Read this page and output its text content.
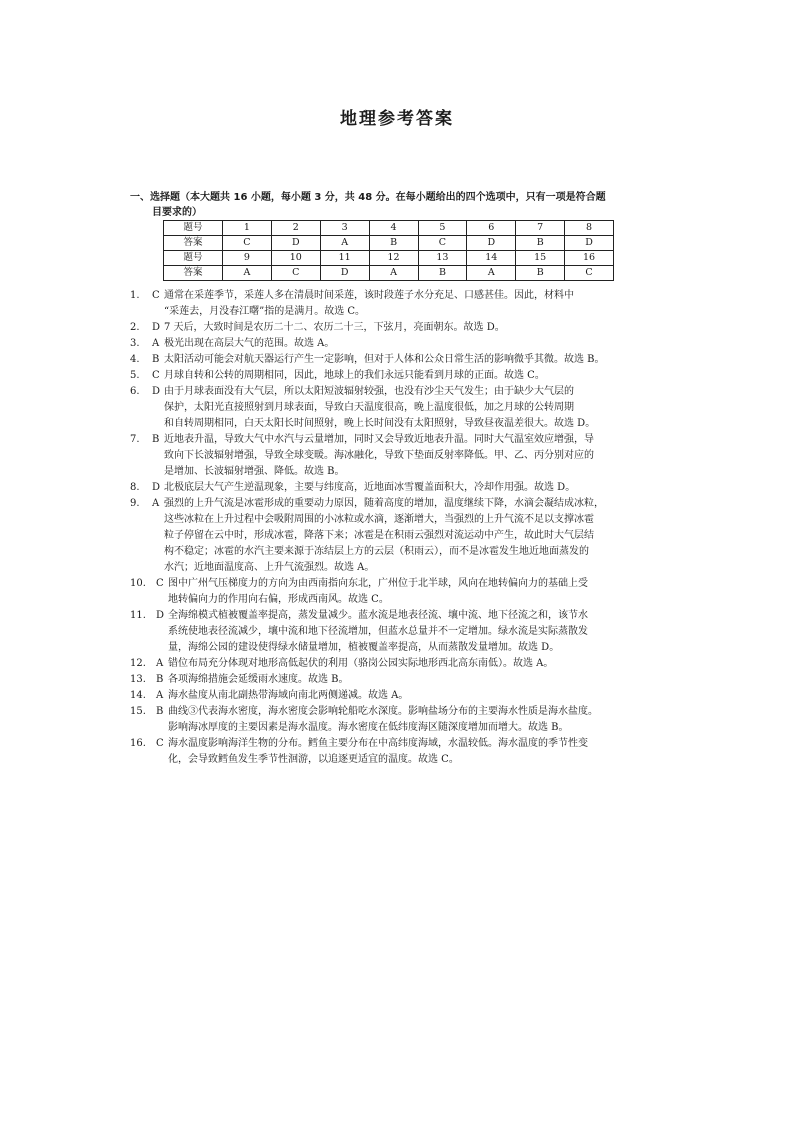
地理参考答案
一、选择题（本大题共 16 小题，每小题 3 分，共 48 分。在每小题给出的四个选项中，只有一项是符合题
目要求的）
题号	1	2	3	4	5	6	7	8
答案	C	D	A	B	C	D	B	D
题号	9	10	11	12	13	14	15	16
答案	A	C	D	A	B	A	B	C
1.	C 通常在采莲季节，采莲人多在清晨时间采莲，该时段莲子水分充足、口感甚佳。因此，材料中
“采莲去，月没春江曙”指的是满月。故选 C。
2.	D 7 天后，大致时间是农历二十二、农历二十三，下弦月，亮面朝东。故选 D。
3.	A 极光出现在高层大气的范围。故选 A。
4.	B 太阳活动可能会对航天器运行产生一定影响，但对于人体和公众日常生活的影响微乎其微。故选 B。
5.	C 月球自转和公转的周期相同，因此，地球上的我们永远只能看到月球的正面。故选 C。
6.	D 由于月球表面没有大气层，所以太阳短波辐射较强，也没有沙尘天气发生；由于缺少大气层的
保护，太阳光直接照射到月球表面，导致白天温度很高，晚上温度很低，加之月球的公转周期
和自转周期相同，白天太阳长时间照射，晚上长时间没有太阳照射，导致昼夜温差很大。故选 D。
7.	B 近地表升温，导致大气中水汽与云量增加，同时又会导致近地表升温。同时大气温室效应增强，导
致向下长波辐射增强，导致全球变暖。海冰融化，导致下垫面反射率降低。甲、乙、丙分别对应的
是增加、长波辐射增强、降低。故选 B。
8.	D 北极底层大气产生逆温现象，主要与纬度高，近地面冰雪覆盖面积大，冷却作用强。故选 D。
9.	A 强烈的上升气流是冰雹形成的重要动力原因，随着高度的增加，温度继续下降，水滴会凝结成冰粒，
这些冰粒在上升过程中会吸附周围的小冰粒或水滴，逐渐增大，当强烈的上升气流不足以支撑冰雹
粒子停留在云中时，形成冰雹，降落下来；冰雹是在积雨云强烈对流运动中产生，故此时大气层结
构不稳定；冰雹的水汽主要来源于冻结层上方的云层（积雨云），而不是冰雹发生地近地面蒸发的
水汽；近地面温度高、上升气流强烈。故选 A。
10.	C 图中广州气压梯度力的方向为由西南指向东北，广州位于北半球，风向在地转偏向力的基础上受
地转偏向力的作用向右偏，形成西南风。故选 C。
11.	D 全海绵模式植被覆盖率提高，蒸发量减少。蓝水流是地表径流、壤中流、地下径流之和，该节水
系统使地表径流减少，壤中流和地下径流增加，但蓝水总量并不一定增加。绿水流是实际蒸散发
量，海绵公园的建设使得绿水储量增加，植被覆盖率提高，从而蒸散发量增加。故选 D。
12.	A 错位布局充分体现对地形高低起伏的利用（骆岗公园实际地形西北高东南低）。故选 A。
13.	B 各项海绵措施会延缓雨水速度。故选 B。
14.	A 海水盐度从南北副热带海域向南北两侧递减。故选 A。
15.	B 曲线③代表海水密度，海水密度会影响轮船吃水深度。影响盐场分布的主要海水性质是海水盐度。
影响海冰厚度的主要因素是海水温度。海水密度在低纬度海区随深度增加而增大。故选 B。
16.	C 海水温度影响海洋生物的分布。鳕鱼主要分布在中高纬度海域，水温较低。海水温度的季节性变
化，会导致鳕鱼发生季节性洄游，以追逐更适宜的温度。故选 C。
